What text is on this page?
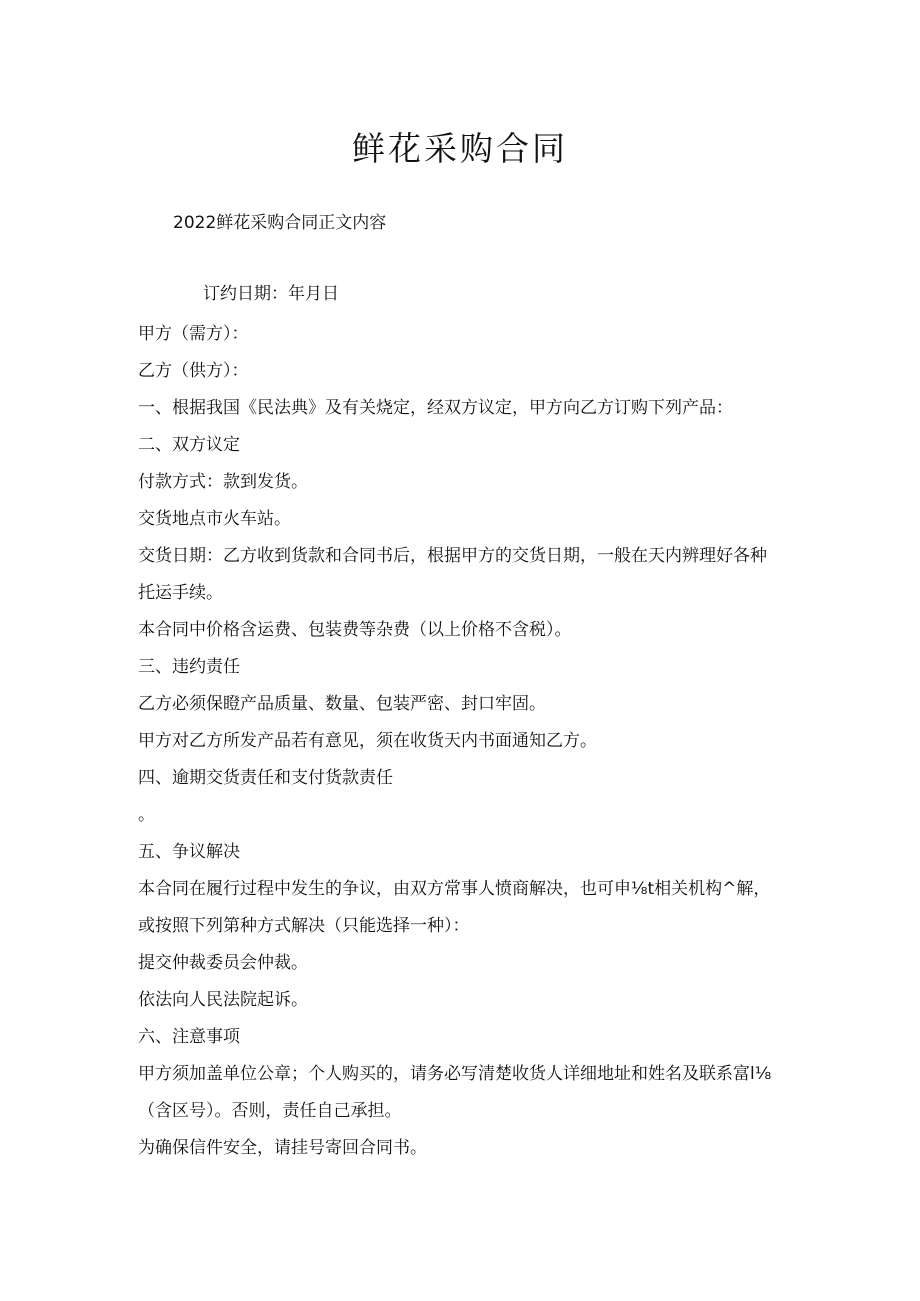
鲜花采购合同

2022鲜花采购合同正文内容

订约日期：年月日

甲方（需方）：

乙方（供方）：

一、根据我国《民法典》及有关烧定，经双方议定，甲方向乙方订购下列产品：

二、双方议定

付款方式：款到发货。

交货地点市火车站。

交货日期：乙方收到货款和合同书后，根据甲方的交货日期，一般在天内辨理好各种

托运手续。

本合同中价格含运费、包装费等杂费（以上价格不含税）。

三、违约责任

乙方必须保瞪产品质量、数量、包装严密、封口牢固。

甲方对乙方所发产品若有意见，须在收货天内书面通知乙方。

四、逾期交货责任和支付货款责任

。

五、争议解决

本合同在履行过程中发生的争议，由双方常事人愤商解决，也可申⅛t相关机构^解，

或按照下列第种方式解决（只能选择一种）：

提交仲裁委员会仲裁。

依法向人民法院起诉。

六、注意事项

甲方须加盖单位公章；个人购买的，请务必写清楚收货人详细地址和姓名及联系富l⅛

（含区号）。否则，责任自己承担。

为确保信件安全，请挂号寄回合同书。
